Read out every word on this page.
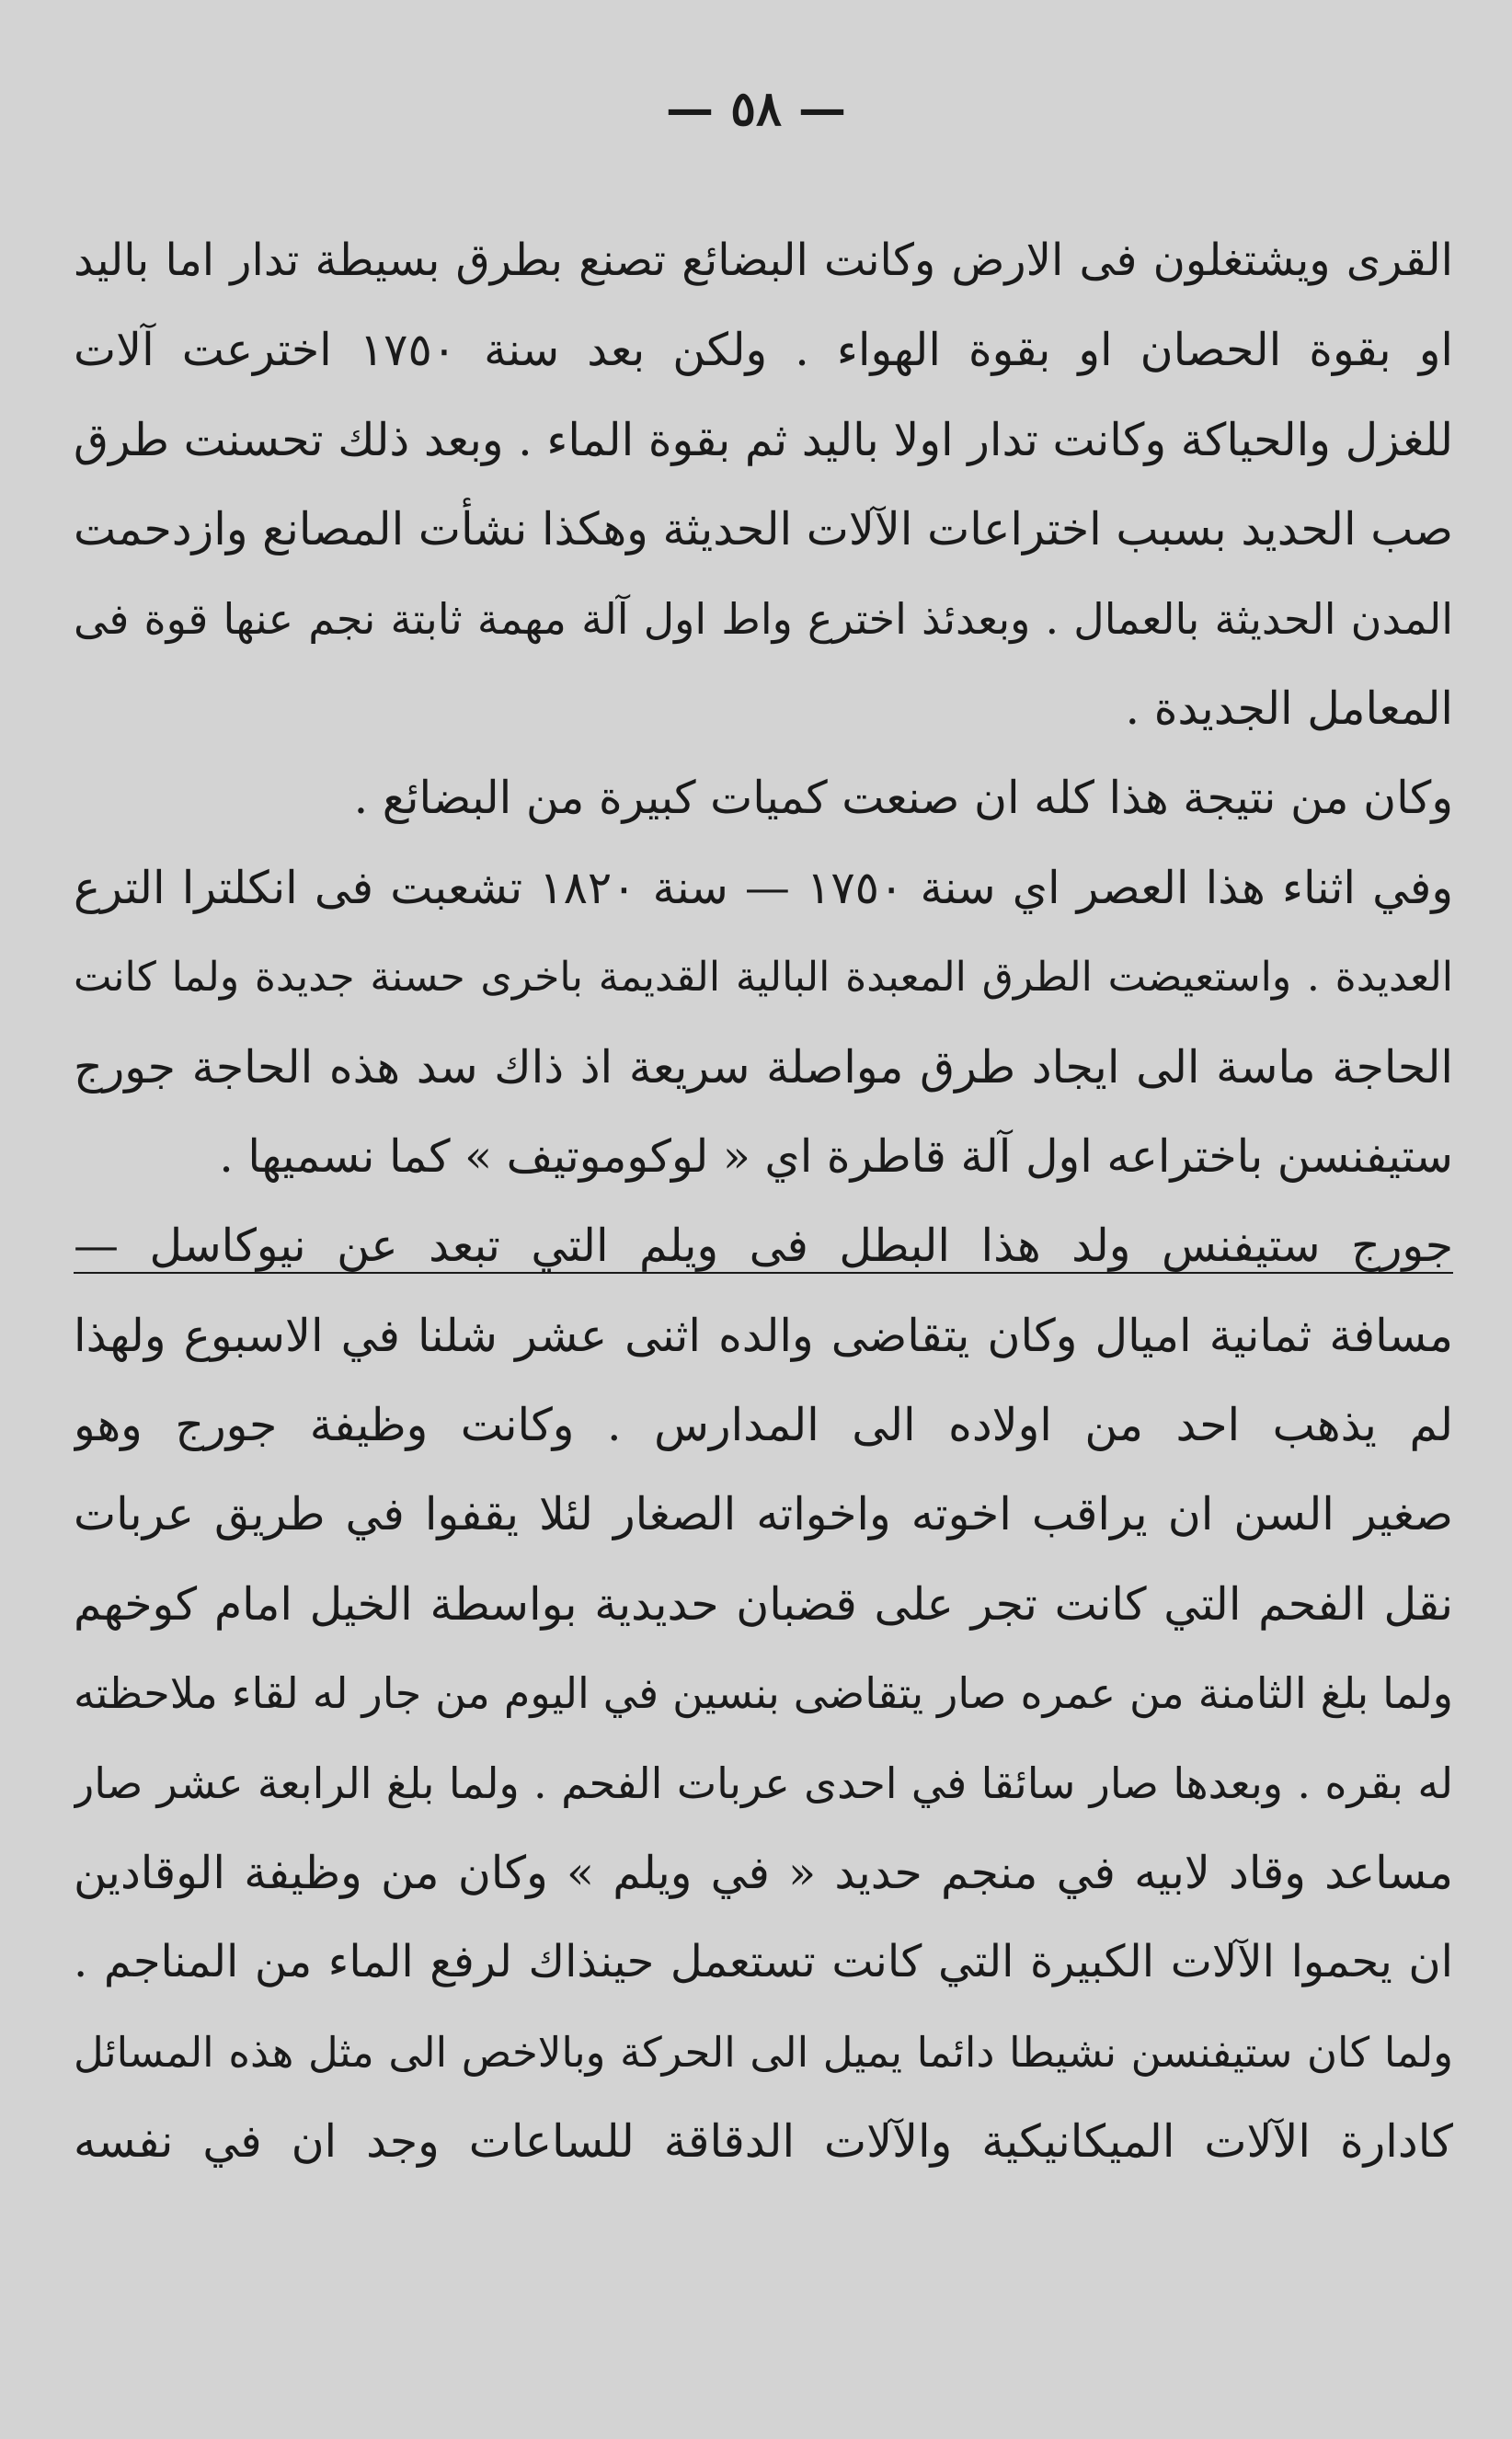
— ٥٨ —
القرى ويشتغلون فى الارض وكانت البضائع تصنع بطرق بسيطة تدار اما باليد
او بقوة الحصان او بقوة الهواء . ولكن بعد سنة ١٧٥٠ اخترعت آلات
للغزل والحياكة وكانت تدار اولا باليد ثم بقوة الماء . وبعد ذلك تحسنت طرق
صب الحديد بسبب اختراعات الآلات الحديثة وهكذا نشأت المصانع وازدحمت
المدن الحديثة بالعمال . وبعدئذ اخترع واط اول آلة مهمة ثابتة نجم عنها قوة فى
المعامل الجديدة .
وكان من نتيجة هذا كله ان صنعت كميات كبيرة من البضائع .
وفي اثناء هذا العصر اي سنة ١٧٥٠ — سنة ١٨٢٠ تشعبت فى انكلترا الترع
العديدة . واستعيضت الطرق المعبدة البالية القديمة باخرى حسنة جديدة ولما كانت
الحاجة ماسة الى ايجاد طرق مواصلة سريعة اذ ذاك سد هذه الحاجة جورج
ستيفنسن باختراعه اول آلة قاطرة اي « لوكوموتيف » كما نسميها .
جورج ستيفنس ولد هذا البطل فى ويلم التي تبعد عن نيوكاسل —
مسافة ثمانية اميال وكان يتقاضى والده اثنى عشر شلنا في الاسبوع ولهذا
لم يذهب احد من اولاده الى المدارس . وكانت وظيفة جورج وهو
صغير السن ان يراقب اخوته واخواته الصغار لئلا يقفوا في طريق عربات
نقل الفحم التي كانت تجر على قضبان حديدية بواسطة الخيل امام كوخهم
ولما بلغ الثامنة من عمره صار يتقاضى بنسين في اليوم من جار له لقاء ملاحظته
له بقره . وبعدها صار سائقا في احدى عربات الفحم . ولما بلغ الرابعة عشر صار
مساعد وقاد لابيه في منجم حديد « في ويلم » وكان من وظيفة الوقادين
ان يحموا الآلات الكبيرة التي كانت تستعمل حينذاك لرفع الماء من المناجم .
ولما كان ستيفنسن نشيطا دائما يميل الى الحركة وبالاخص الى مثل هذه المسائل
كادارة الآلات الميكانيكية والآلات الدقاقة للساعات وجد ان في نفسه
